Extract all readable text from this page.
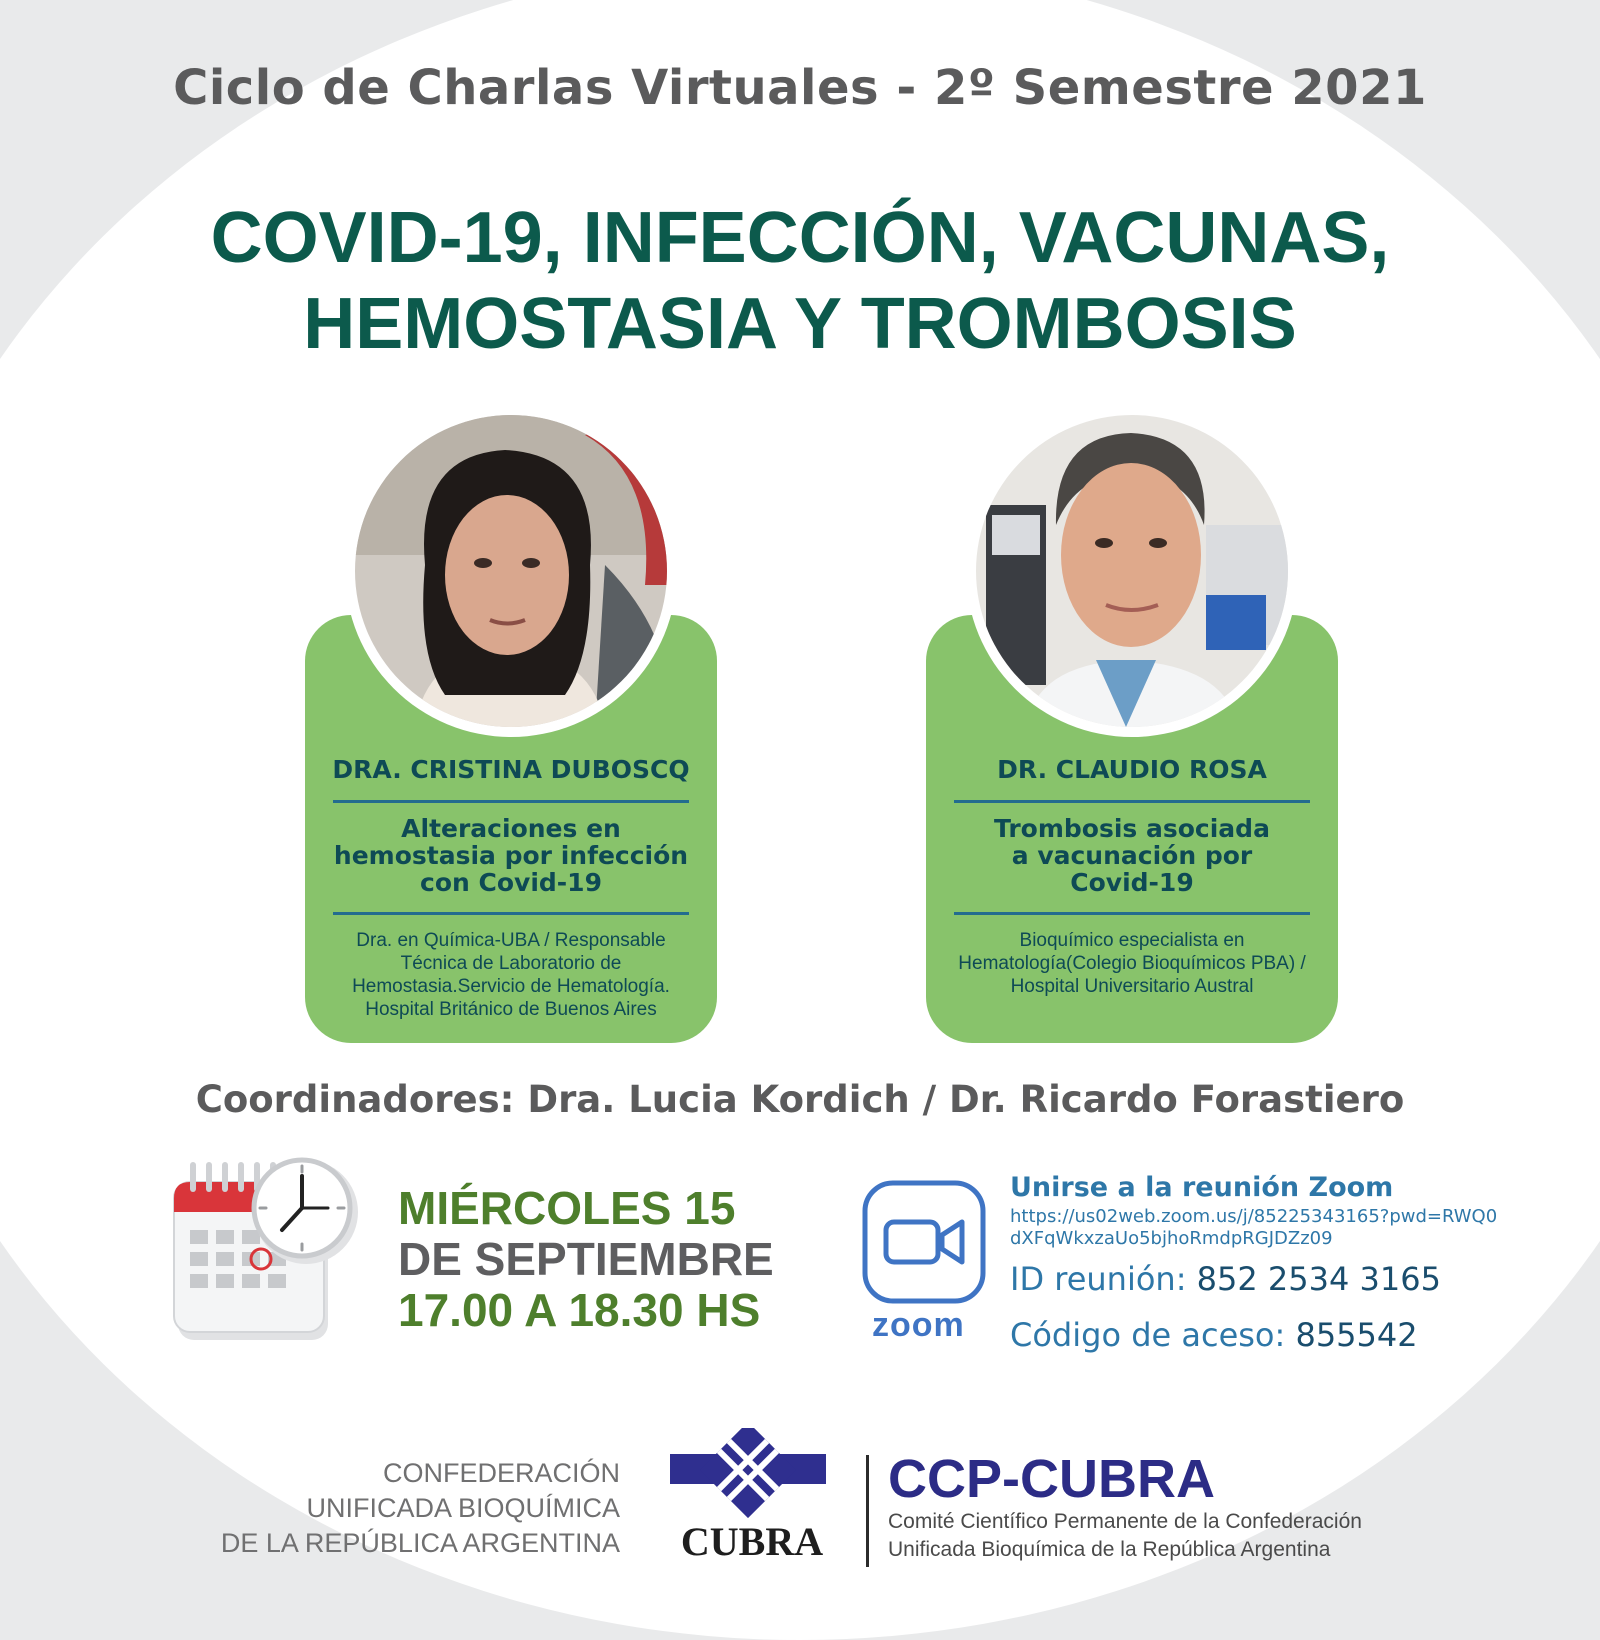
Ciclo de Charlas Virtuales - 2º Semestre 2021
COVID-19, INFECCIÓN, VACUNAS,
HEMOSTASIA Y TROMBOSIS
DRA. CRISTINA DUBOSCQ
Alteraciones en
hemostasia por infección
con Covid-19
Dra. en Química-UBA / Responsable
Técnica de Laboratorio de
Hemostasia.Servicio de Hematología.
Hospital Británico de Buenos Aires
DR. CLAUDIO ROSA
Trombosis asociada
a vacunación por
Covid-19
Bioquímico especialista en
Hematología(Colegio Bioquímicos PBA) /
Hospital Universitario Austral
Coordinadores: Dra. Lucia Kordich / Dr. Ricardo Forastiero
MIÉRCOLES 15
DE SEPTIEMBRE
17.00 A 18.30 HS	zoom
Unirse a la reunión Zoom
https://us02web.zoom.us/j/85225343165?pwd=RWQ0
dXFqWkxzaUo5bjhoRmdpRGJDZz09
ID reunión: 852 2534 3165
Código de aceso: 855542
CONFEDERACIÓN
UNIFICADA BIOQUÍMICA
DE LA REPÚBLICA ARGENTINA CUBRA
CCP-CUBRA
Comité Científico Permanente de la Confederación
Unificada Bioquímica de la República Argentina
